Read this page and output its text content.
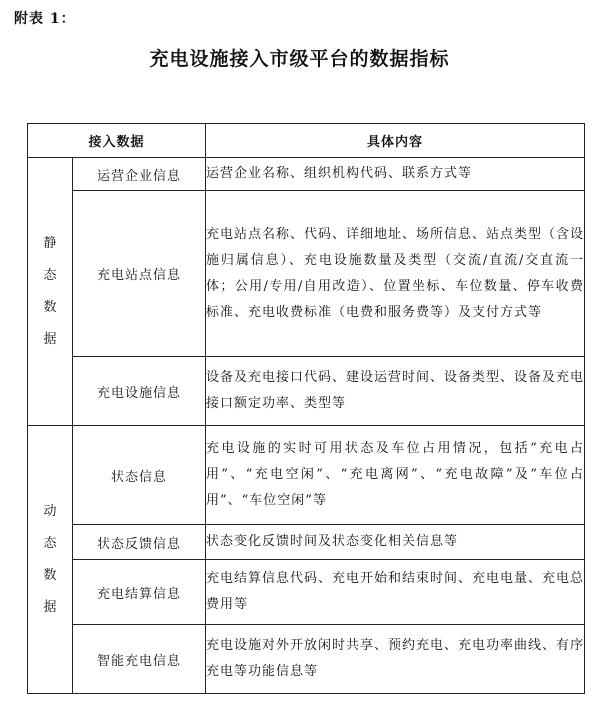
附表 1：
充电设施接入市级平台的数据指标
接入数据		具体内容

静
态
数
据	运营企业信息	运营企业名称、组织机构代码、联系方式等
	充电站点信息	充电站点名称、代码、详细地址、场所信息、站点类型（含设施归属信息）、充电设施数量及类型（交流/直流/交直流一体；公用/专用/自用改造）、位置坐标、车位数量、停车收费标准、充电收费标准（电费和服务费等）及支付方式等
	充电设施信息	设备及充电接口代码、建设运营时间、设备类型、设备及充电接口额定功率、类型等

动
态
数
据	状态信息	充电设施的实时可用状态及车位占用情况，包括“充电占用”、“充电空闲”、“充电离网”、“充电故障”及“车位占用”、“车位空闲”等
	状态反馈信息	状态变化反馈时间及状态变化相关信息等
	充电结算信息	充电结算信息代码、充电开始和结束时间、充电电量、充电总费用等
	智能充电信息	充电设施对外开放闲时共享、预约充电、充电功率曲线、有序充电等功能信息等
